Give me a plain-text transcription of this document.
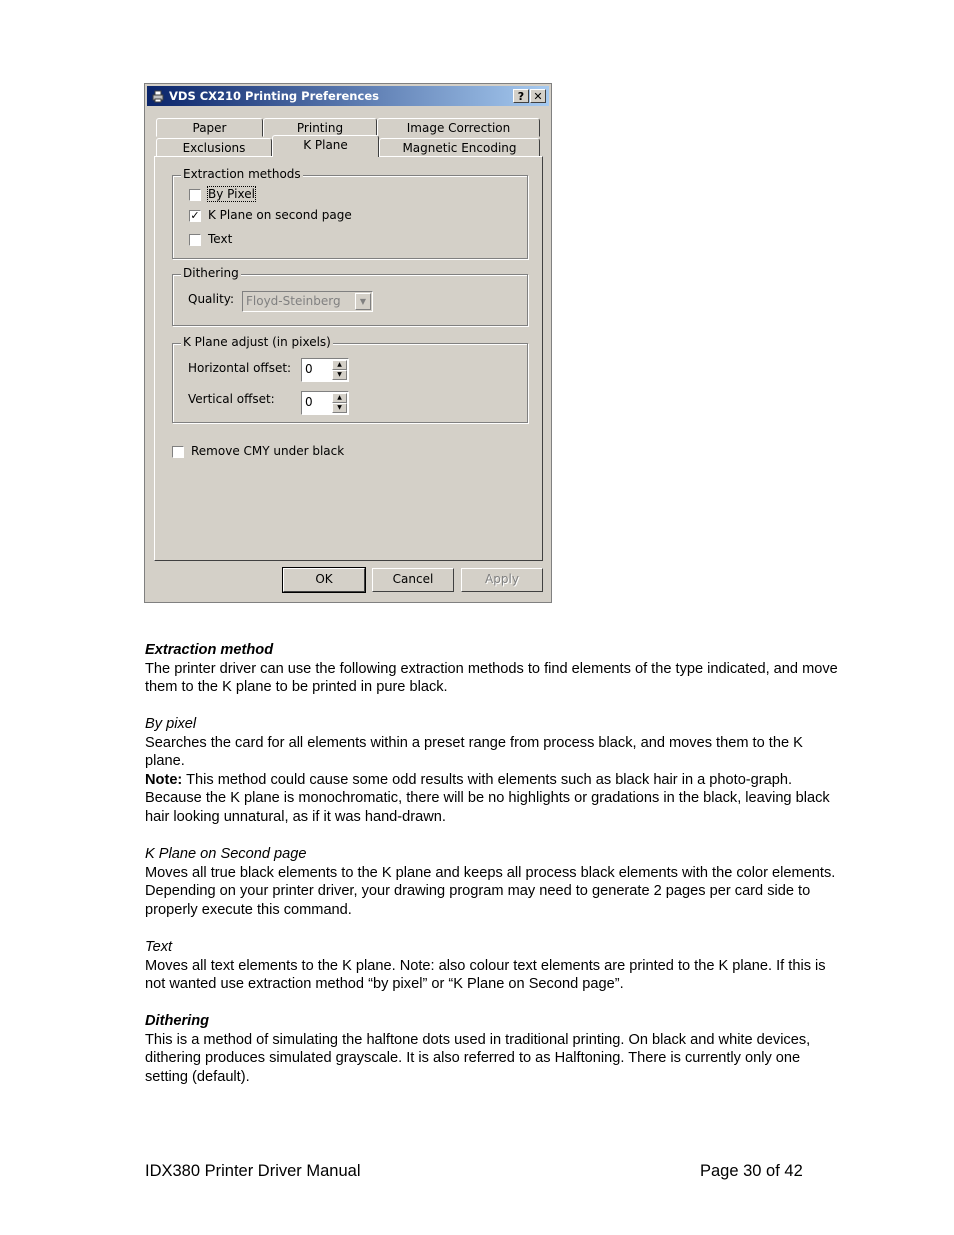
VDS CX210 Printing Preferences	? ✕
Paper	Printing	Image Correction
Exclusions	K Plane	Magnetic Encoding
Extraction methods
By Pixel
✓ K Plane on second page
Text
Dithering
Quality: Floyd-Steinberg	▼
K Plane adjust (in pixels)
Horizontal offset:	0	▲
▼
Vertical offset:	0	▲
▼
Remove CMY under black
OK	Cancel	Apply

Extraction method

The printer driver can use the following extraction methods to find elements of the type indicated, and move them to the K plane to be printed in pure black.

By pixel

Searches the card for all elements within a preset range from process black, and moves them to the K plane.

Note: This method could cause some odd results with elements such as black hair in a photo-graph. Because the K plane is monochromatic, there will be no highlights or gradations in the black, leaving black hair looking unnatural, as if it was hand-drawn.

K Plane on Second page

Moves all true black elements to the K plane and keeps all process black elements with the color elements. Depending on your printer driver, your drawing program may need to generate 2 pages per card side to properly execute this command.

Text

Moves all text elements to the K plane. Note: also colour text elements are printed to the K plane. If this is not wanted use extraction method “by pixel” or “K Plane on Second page”.

Dithering

This is a method of simulating the halftone dots used in traditional printing. On black and white devices, dithering produces simulated grayscale. It is also referred to as Halftoning. There is currently only one setting (default).

IDX380 Printer Driver Manual	Page 30 of 42
